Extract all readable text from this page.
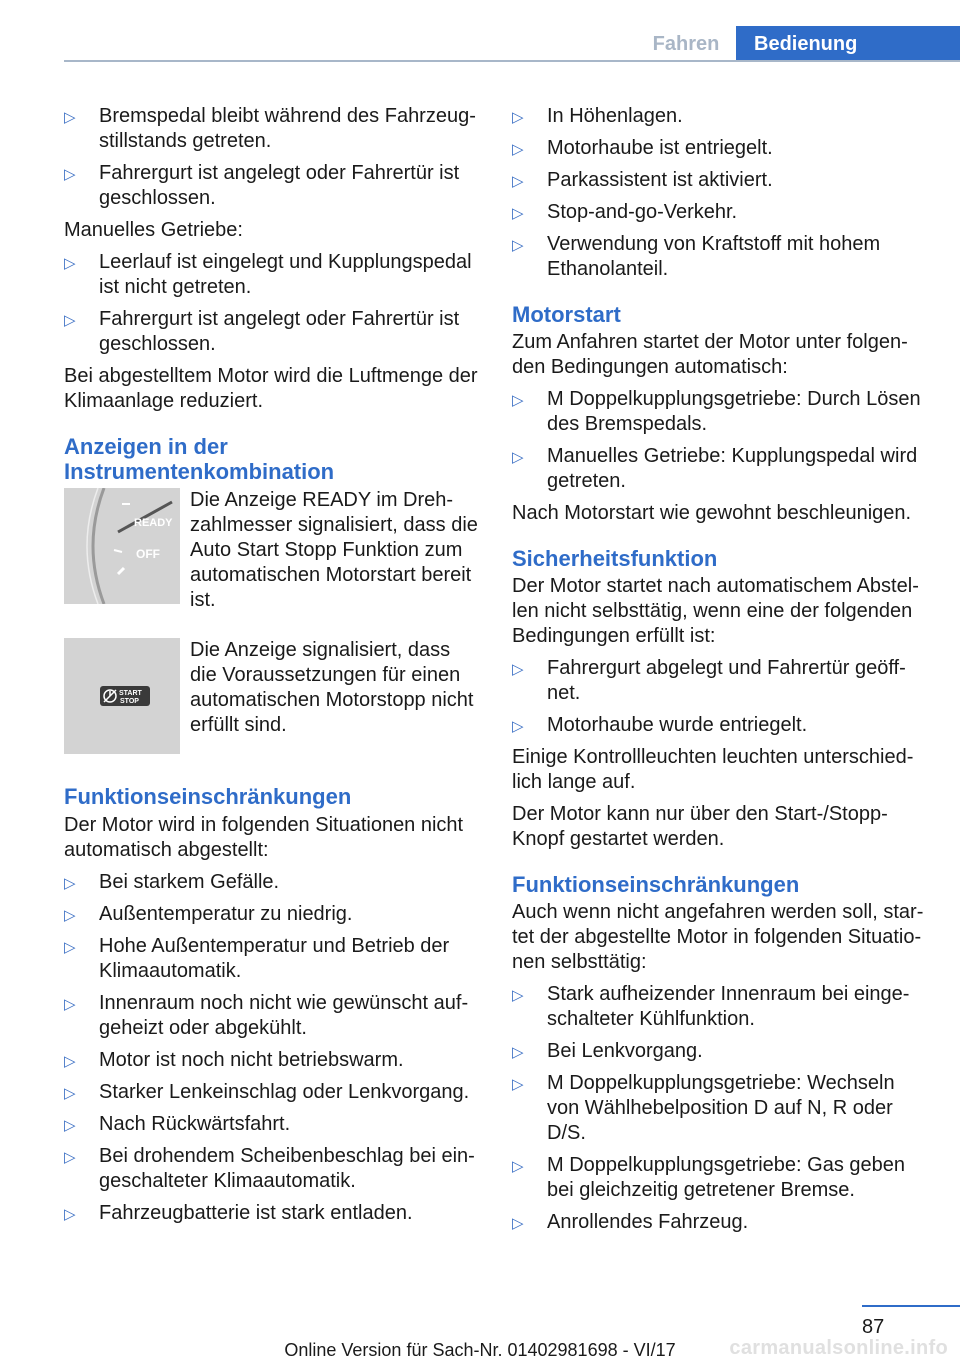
Fahren	Bedienung
▷ Bremspedal bleibt während des Fahrzeugstillstands getreten.
▷ Fahrergurt ist angelegt oder Fahrertür ist geschlossen.
Manuelles Getriebe:
▷ Leerlauf ist eingelegt und Kupplungspedal ist nicht getreten.
▷ Fahrergurt ist angelegt oder Fahrertür ist geschlossen.
Bei abgestelltem Motor wird die Luftmenge der Klimaanlage reduziert.
Anzeigen in der Instrumentenkombination
READY
OFF
Die Anzeige READY im Drehzahlmesser signalisiert, dass die Auto Start Stopp Funktion zum automatischen Motorstart bereit ist.
START
STOP
Die Anzeige signalisiert, dass die Voraussetzungen für einen automatischen Motorstopp nicht erfüllt sind.
Funktionseinschränkungen
Der Motor wird in folgenden Situationen nicht automatisch abgestellt:
▷ Bei starkem Gefälle.
▷ Außentemperatur zu niedrig.
▷ Hohe Außentemperatur und Betrieb der Klimaautomatik.
▷ Innenraum noch nicht wie gewünscht aufgeheizt oder abgekühlt.
▷ Motor ist noch nicht betriebswarm.
▷ Starker Lenkeinschlag oder Lenkvorgang.
▷ Nach Rückwärtsfahrt.
▷ Bei drohendem Scheibenbeschlag bei eingeschalteter Klimaautomatik.
▷ Fahrzeugbatterie ist stark entladen.
▷ In Höhenlagen.
▷ Motorhaube ist entriegelt.
▷ Parkassistent ist aktiviert.
▷ Stop-and-go-Verkehr.
▷ Verwendung von Kraftstoff mit hohem Ethanolanteil.
Motorstart
Zum Anfahren startet der Motor unter folgenden Bedingungen automatisch:
▷ M Doppelkupplungsgetriebe: Durch Lösen des Bremspedals.
▷ Manuelles Getriebe: Kupplungspedal wird getreten.
Nach Motorstart wie gewohnt beschleunigen.
Sicherheitsfunktion
Der Motor startet nach automatischem Abstellen nicht selbsttätig, wenn eine der folgenden Bedingungen erfüllt ist:
▷ Fahrergurt abgelegt und Fahrertür geöffnet.
▷ Motorhaube wurde entriegelt.
Einige Kontrollleuchten leuchten unterschiedlich lange auf.
Der Motor kann nur über den Start-/Stopp-Knopf gestartet werden.
Funktionseinschränkungen
Auch wenn nicht angefahren werden soll, startet der abgestellte Motor in folgenden Situationen selbsttätig:
▷ Stark aufheizender Innenraum bei eingeschalteter Kühlfunktion.
▷ Bei Lenkvorgang.
▷ M Doppelkupplungsgetriebe: Wechseln von Wählhebelposition D auf N, R oder D/S.
▷ M Doppelkupplungsgetriebe: Gas geben bei gleichzeitig getretener Bremse.
▷ Anrollendes Fahrzeug.
87
Online Version für Sach-Nr. 01402981698 - VI/17	carmanualsonline.info
